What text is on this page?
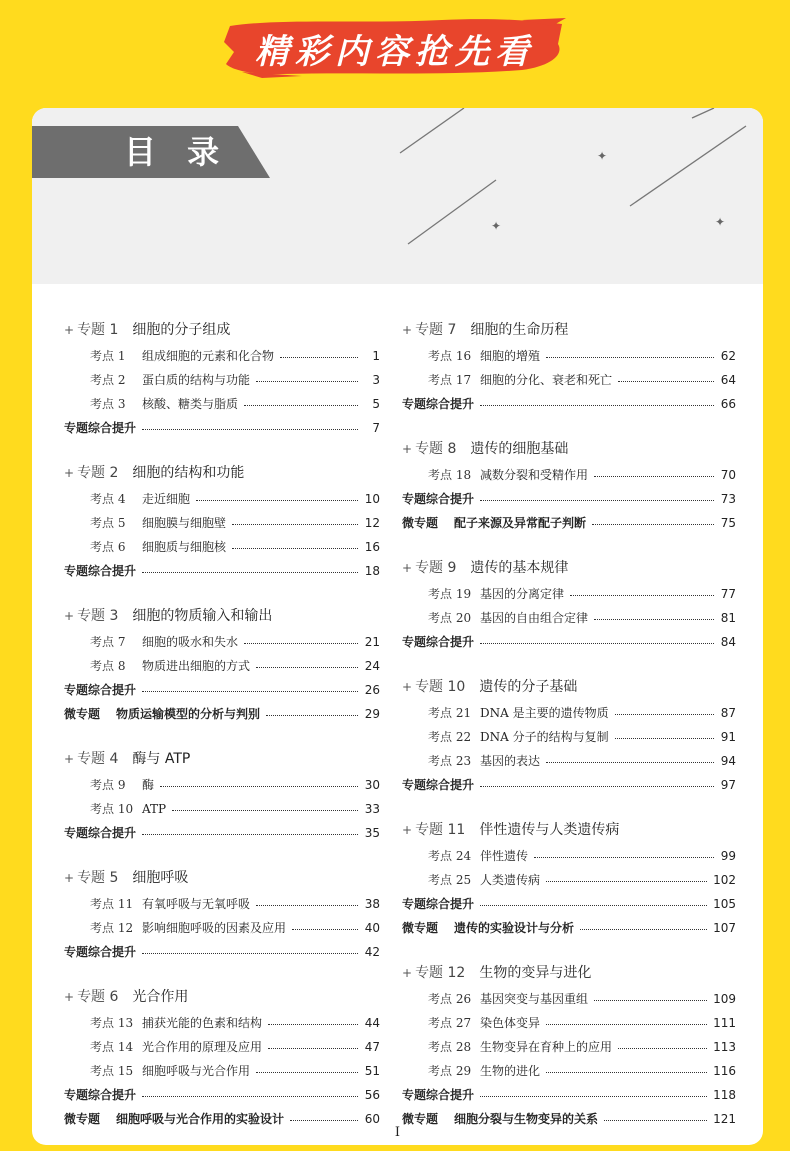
精彩内容抢先看
目 录	✦
✦	✦
+ 专题 1 细胞的分子组成
考点 1	组成细胞的元素和化合物	1
考点 2	蛋白质的结构与功能	3
考点 3	核酸、糖类与脂质	5
专题综合提升	7
+ 专题 2 细胞的结构和功能
考点 4	走近细胞	10
考点 5	细胞膜与细胞壁	12
考点 6	细胞质与细胞核	16
专题综合提升	18
+ 专题 3 细胞的物质输入和输出
考点 7	细胞的吸水和失水	21
考点 8	物质进出细胞的方式	24
专题综合提升	26
微专题	物质运输模型的分析与判别	29
+ 专题 4 酶与 ATP
考点 9	酶	30
考点 10 ATP	33
专题综合提升	35
+ 专题 5 细胞呼吸
考点 11 有氧呼吸与无氧呼吸	38
考点 12 影响细胞呼吸的因素及应用	40
专题综合提升	42
+ 专题 6 光合作用
考点 13 捕获光能的色素和结构	44
考点 14 光合作用的原理及应用	47
考点 15 细胞呼吸与光合作用	51
专题综合提升	56
微专题	细胞呼吸与光合作用的实验设计	60
+ 专题 7 细胞的生命历程
考点 16 细胞的增殖	62
考点 17 细胞的分化、衰老和死亡	64
专题综合提升	66
+ 专题 8 遗传的细胞基础
考点 18 减数分裂和受精作用	70
专题综合提升	73
微专题	配子来源及异常配子判断	75
+ 专题 9 遗传的基本规律
考点 19 基因的分离定律	77
考点 20 基因的自由组合定律	81
专题综合提升	84
+ 专题 10 遗传的分子基础
考点 21 DNA 是主要的遗传物质	87
考点 22 DNA 分子的结构与复制	91
考点 23 基因的表达	94
专题综合提升	97
+ 专题 11 伴性遗传与人类遗传病
考点 24 伴性遗传	99
考点 25 人类遗传病	102
专题综合提升	105
微专题	遗传的实验设计与分析	107
+ 专题 12 生物的变异与进化
考点 26 基因突变与基因重组	109
考点 27 染色体变异	111
考点 28 生物变异在育种上的应用	113
考点 29 生物的进化	116
专题综合提升	118
微专题	细胞分裂与生物变异的关系	121
I
